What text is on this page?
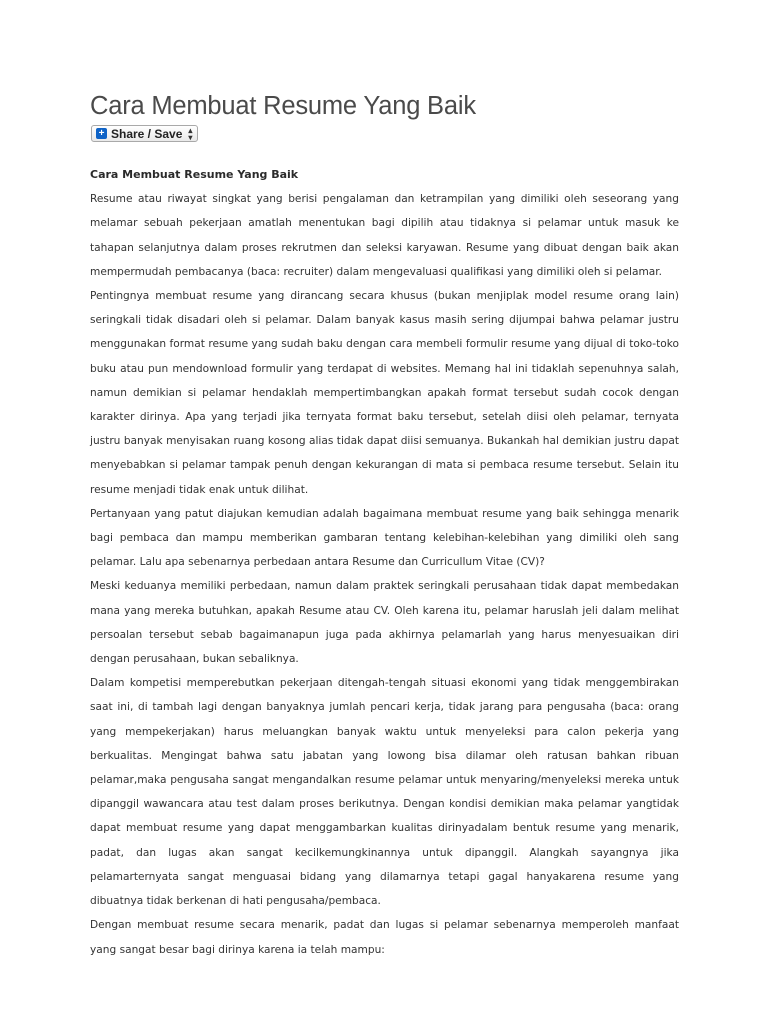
Cara Membuat Resume Yang Baik
+ Share / Save ▴
▾

Cara Membuat Resume Yang Baik

Resume atau riwayat singkat yang berisi pengalaman dan ketrampilan yang dimiliki oleh seseorang yang melamar sebuah pekerjaan amatlah menentukan bagi dipilih atau tidaknya si pelamar untuk masuk ke tahapan selanjutnya dalam proses rekrutmen dan seleksi karyawan. Resume yang dibuat dengan baik akan mempermudah pembacanya (baca: recruiter) dalam mengevaluasi qualifikasi yang dimiliki oleh si pelamar.

Pentingnya membuat resume yang dirancang secara khusus (bukan menjiplak model resume orang lain) seringkali tidak disadari oleh si pelamar. Dalam banyak kasus masih sering dijumpai bahwa pelamar justru menggunakan format resume yang sudah baku dengan cara membeli formulir resume yang dijual di toko-toko buku atau pun mendownload formulir yang terdapat di websites. Memang hal ini tidaklah sepenuhnya salah, namun demikian si pelamar hendaklah mempertimbangkan apakah format tersebut sudah cocok dengan karakter dirinya. Apa yang terjadi jika ternyata format baku tersebut, setelah diisi oleh pelamar, ternyata justru banyak menyisakan ruang kosong alias tidak dapat diisi semuanya. Bukankah hal demikian justru dapat menyebabkan si pelamar tampak penuh dengan kekurangan di mata si pembaca resume tersebut. Selain itu resume menjadi tidak enak untuk dilihat.

Pertanyaan yang patut diajukan kemudian adalah bagaimana membuat resume yang baik sehingga menarik bagi pembaca dan mampu memberikan gambaran tentang kelebihan-kelebihan yang dimiliki oleh sang pelamar. Lalu apa sebenarnya perbedaan antara Resume dan Curricullum Vitae (CV)?

Meski keduanya memiliki perbedaan, namun dalam praktek seringkali perusahaan tidak dapat membedakan mana yang mereka butuhkan, apakah Resume atau CV. Oleh karena itu, pelamar haruslah jeli dalam melihat persoalan tersebut sebab bagaimanapun juga pada akhirnya pelamarlah yang harus menyesuaikan diri dengan perusahaan, bukan sebaliknya.

Dalam kompetisi memperebutkan pekerjaan ditengah-tengah situasi ekonomi yang tidak menggembirakan saat ini, di tambah lagi dengan banyaknya jumlah pencari kerja, tidak jarang para pengusaha (baca: orang yang mempekerjakan) harus meluangkan banyak waktu untuk menyeleksi para calon pekerja yang berkualitas. Mengingat bahwa satu jabatan yang lowong bisa dilamar oleh ratusan bahkan ribuan pelamar,maka pengusaha sangat mengandalkan resume pelamar untuk menyaring/menyeleksi mereka untuk dipanggil wawancara atau test dalam proses berikutnya. Dengan kondisi demikian maka pelamar yangtidak dapat membuat resume yang dapat menggambarkan kualitas dirinyadalam bentuk resume yang menarik, padat, dan lugas akan sangat kecilkemungkinannya untuk dipanggil. Alangkah sayangnya jika pelamarternyata sangat menguasai bidang yang dilamarnya tetapi gagal hanyakarena resume yang dibuatnya tidak berkenan di hati pengusaha/pembaca.

Dengan membuat resume secara menarik, padat dan lugas si pelamar sebenarnya memperoleh manfaat yang sangat besar bagi dirinya karena ia telah mampu:
